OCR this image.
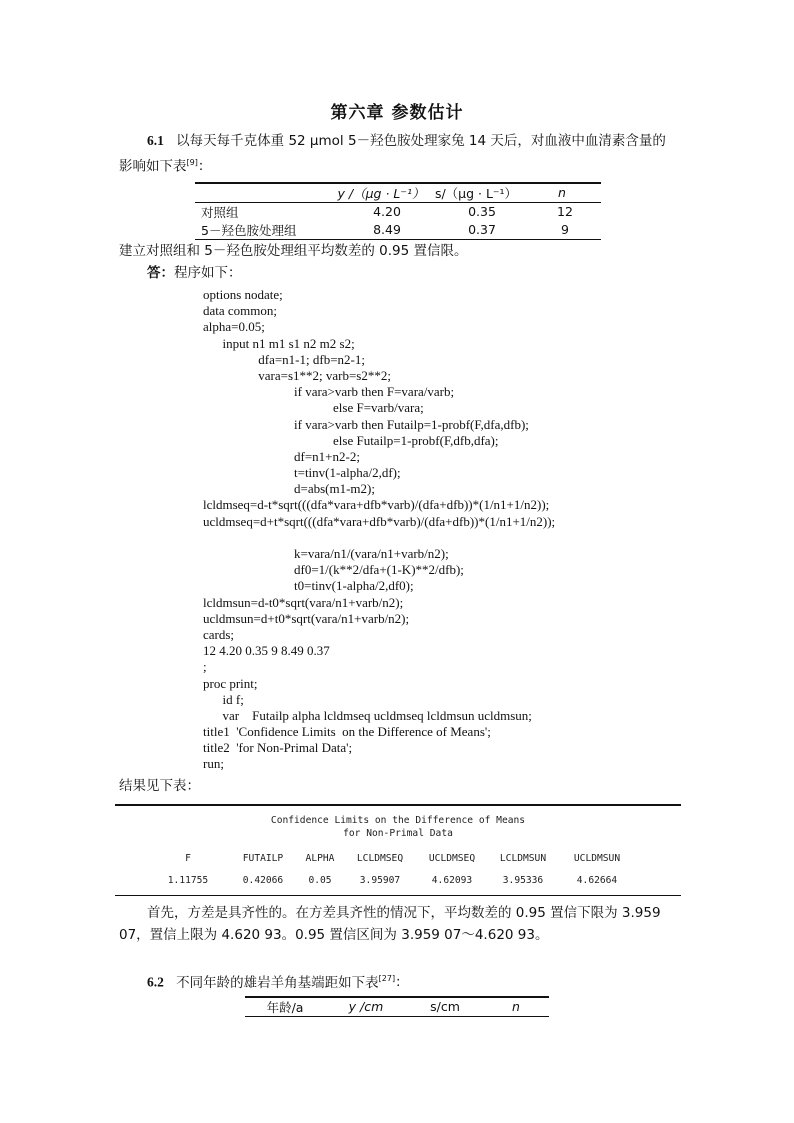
第六章 参数估计
6.1 以每天每千克体重 52 µmol 5－羟色胺处理家兔 14 天后，对血液中血清素含量的
影响如下表[9]：
	y /（µg · L⁻¹）	s/（µg · L⁻¹）	n
对照组	4.20	0.35	12
5－羟色胺处理组	8.49	0.37	9
建立对照组和 5－羟色胺处理组平均数差的 0.95 置信限。
答：程序如下：
options nodate;
data common;
alpha=0.05;
input n1 m1 s1 n2 m2 s2;
dfa=n1-1; dfb=n2-1;
vara=s1**2; varb=s2**2;
if vara>varb then F=vara/varb;
else F=varb/vara;
if vara>varb then Futailp=1-probf(F,dfa,dfb);
else Futailp=1-probf(F,dfb,dfa);
df=n1+n2-2;
t=tinv(1-alpha/2,df);
d=abs(m1-m2);
lcldmseq=d-t*sqrt(((dfa*vara+dfb*varb)/(dfa+dfb))*(1/n1+1/n2));
ucldmseq=d+t*sqrt(((dfa*vara+dfb*varb)/(dfa+dfb))*(1/n1+1/n2));
k=vara/n1/(vara/n1+varb/n2);
df0=1/(k**2/dfa+(1-K)**2/dfb);
t0=tinv(1-alpha/2,df0);
lcldmsun=d-t0*sqrt(vara/n1+varb/n2);
ucldmsun=d+t0*sqrt(vara/n1+varb/n2);
cards;
12 4.20 0.35 9 8.49 0.37
;
proc print;
id f;
var    Futailp alpha lcldmseq ucldmseq lcldmsun ucldmsun;
title1  'Confidence Limits  on the Difference of Means';
title2  'for Non-Primal Data';
run;
结果见下表：
Confidence Limits on the Difference of Means
for Non-Primal Data
F	FUTAILP	ALPHA	LCLDMSEQ	UCLDMSEQ	LCLDMSUN	UCLDMSUN
1.11755	0.42066	0.05	3.95907	4.62093	3.95336	4.62664
首先，方差是具齐性的。在方差具齐性的情况下，平均数差的 0.95 置信下限为 3.959
07，置信上限为 4.620 93。0.95 置信区间为 3.959 07～4.620 93。
6.2 不同年龄的雄岩羊角基端距如下表[27]：
年龄/a	y /cm	s/cm	n
